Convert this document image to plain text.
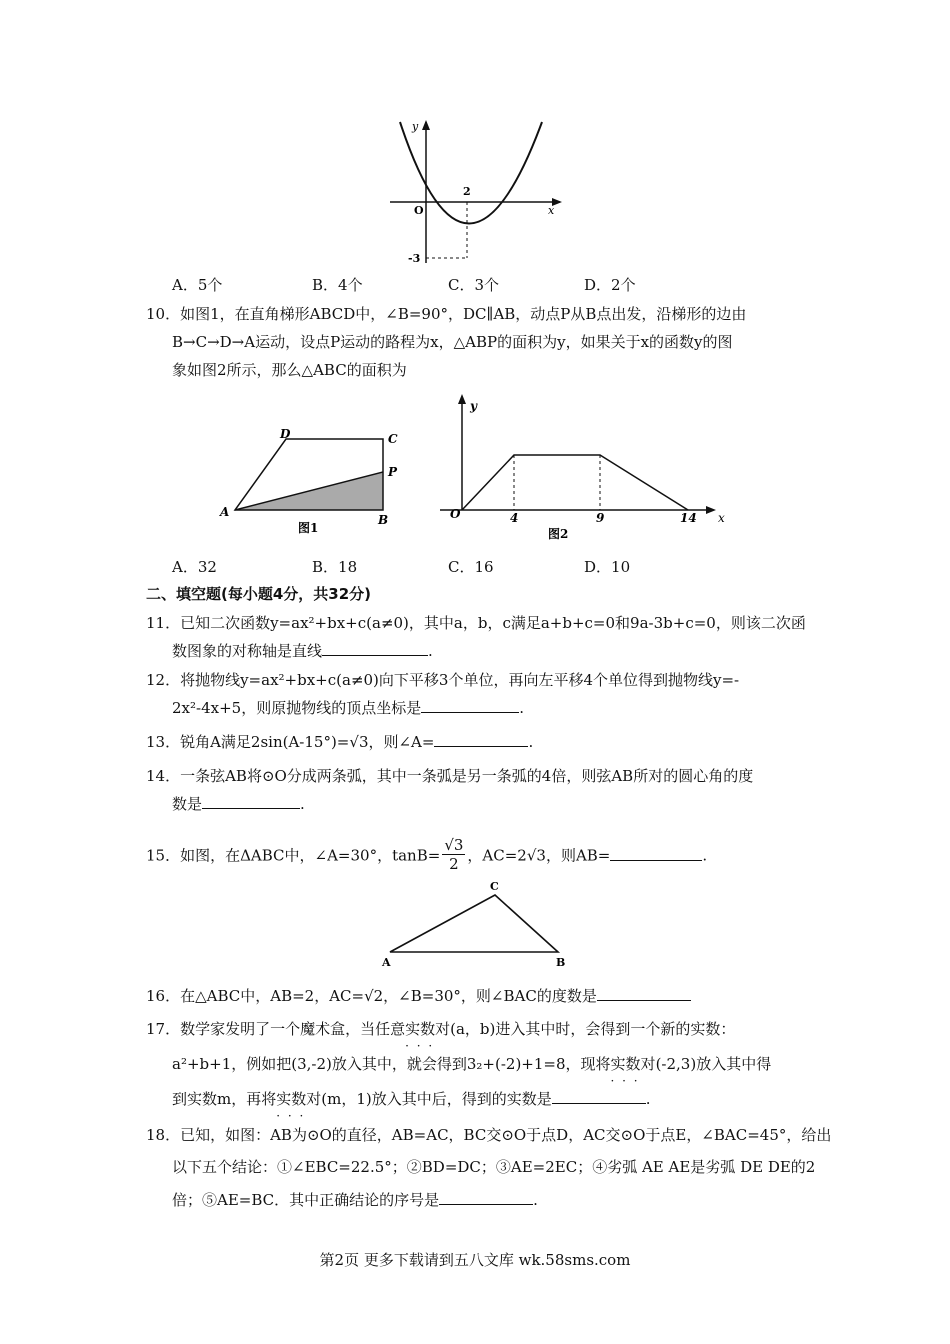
y
x
O
2
-3
A．5个	B．4个	C．3个	D．2个
10．如图1，在直角梯形ABCD中，∠B=90°，DC∥AB，动点P从B点出发，沿梯形的边由
B→C→D→A运动，设点P运动的路程为x，△ABP的面积为y，如果关于x的函数y的图
象如图2所示，那么△ABC的面积为
D	C
P
A
B
图1
y
x
O	4	9	14
图2
A．32	B．18	C．16	D．10
二、填空题(每小题4分，共32分)
11．已知二次函数y=ax²+bx+c(a≠0)，其中a，b，c满足a+b+c=0和9a-3b+c=0，则该二次函
数图象的对称轴是直线	.
12．将抛物线y=ax²+bx+c(a≠0)向下平移3个单位，再向左平移4个单位得到抛物线y=-
2x²-4x+5，则原抛物线的顶点坐标是	.
13．锐角A满足2sin(A-15°)=√3，则∠A=	.
14．一条弦AB将⊙O分成两条弧，其中一条弧是另一条弧的4倍，则弦AB所对的圆心角的度
数是	.
15．如图，在ΔABC中，∠A=30°，$\tan B= \frac{√3}{2}$ ，AC=2√3，则AB=	.
C
A	B
16．在△ABC中，AB=2，AC=√2，∠B=30°，则∠BAC的度数是
17．数学家发明了一个魔术盒，当任意实数对 · · ·(a，b)进入其中时，会得到一个新的实数：
a²+b+1，例如把(3,-2)放入其中，就会得到3₂+(-2)+1=8，现将实数对 · · ·(-2,3)放入其中得
到实数m，再将实数对 · · ·(m，1)放入其中后，得到的实数是	.
18．已知，如图：AB为⊙O的直径，AB=AC，BC交⊙O于点D，AC交⊙O于点E，∠BAC=45°，给出
以下五个结论：①∠EBC=22.5°；②BD=DC；③AE=2EC；④劣弧 AE AE是劣弧 DE DE的2
倍；⑤AE=BC．其中正确结论的序号是	.
第2页 更多下载请到五八文库 wk.58sms.com
